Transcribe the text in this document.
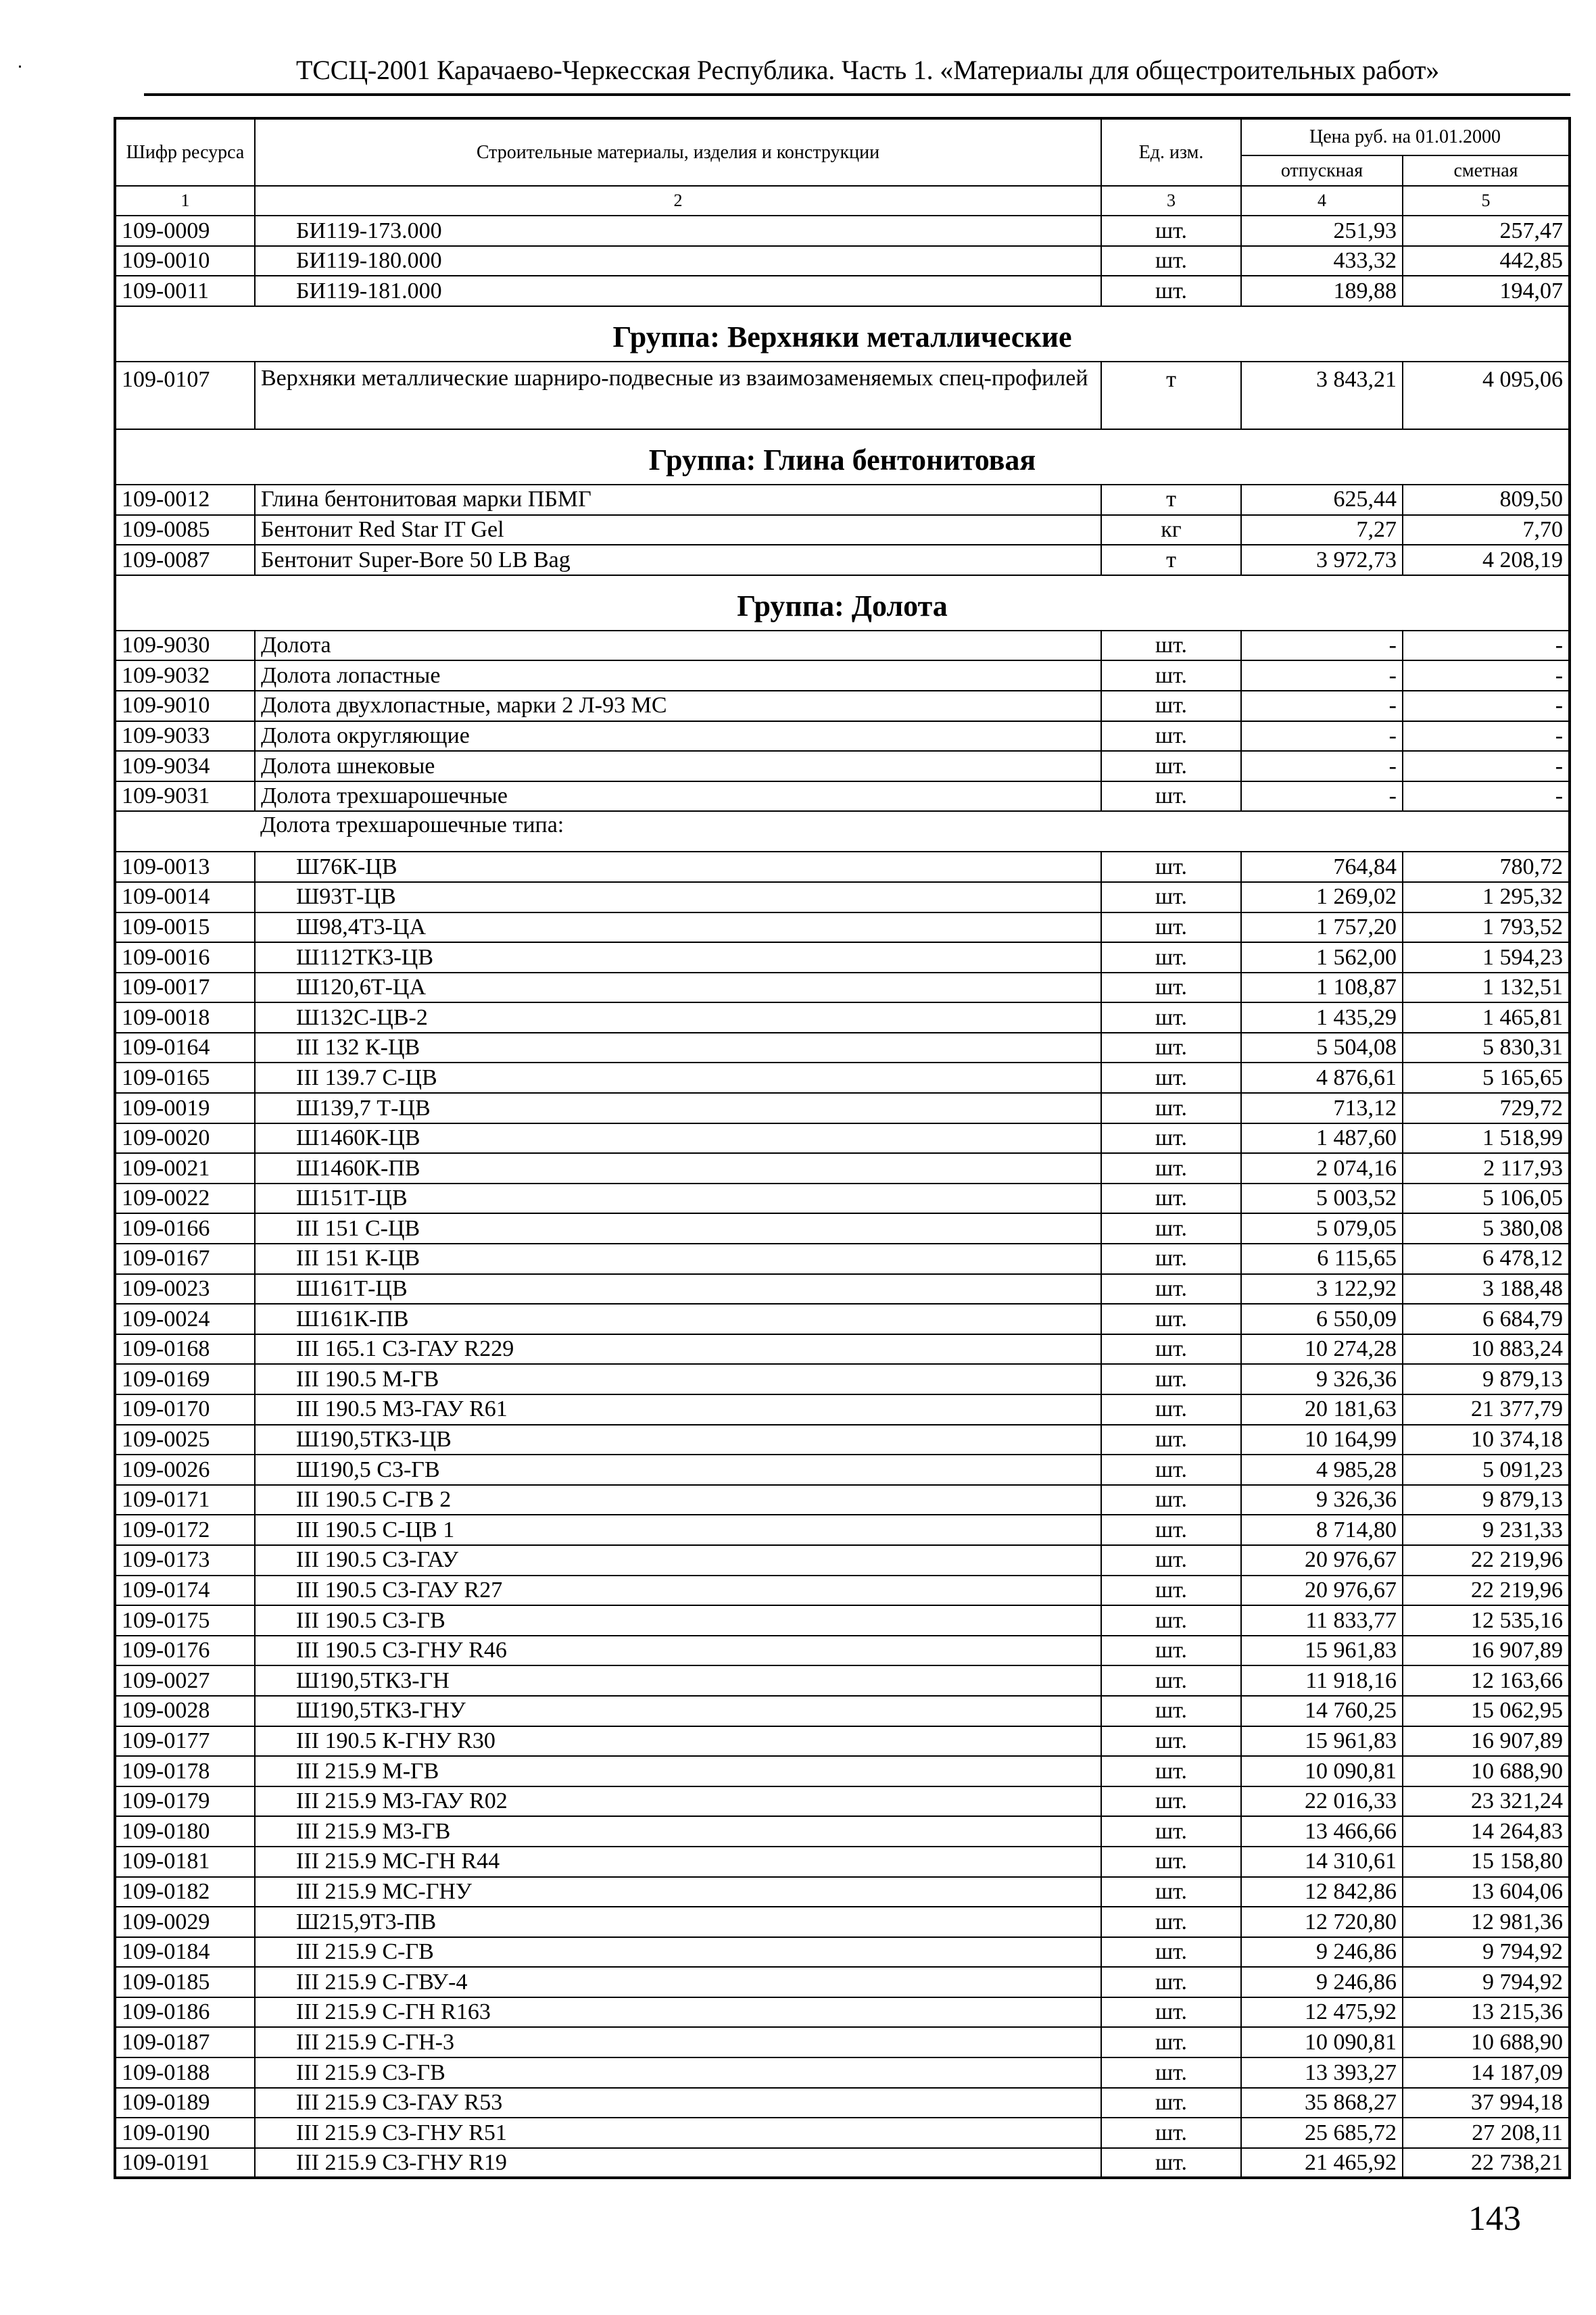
ТССЦ-2001 Карачаево-Черкесская Республика. Часть 1. «Материалы для общестроительных работ»
Шифр ресурса	Строительные материалы, изделия и конструкции	Ед. изм.	Цена руб. на 01.01.2000	
			отпускная	сметная
1	2	3	4	5
109-0009	БИ119-173.000	шт.	251,93	257,47
109-0010	БИ119-180.000	шт.	433,32	442,85
109-0011	БИ119-181.000	шт.	189,88	194,07
Группа: Верхняки металлические				
109-0107	Верхняки металлические шарниро-подвесные из взаимозаменяемых спец-профилей	т	3 843,21	4 095,06
Группа: Глина бентонитовая				
109-0012	Глина бентонитовая марки ПБМГ	т	625,44	809,50
109-0085	Бентонит Red Star IT Gel	кг	7,27	7,70
109-0087	Бентонит Super-Bore 50 LB Bag	т	3 972,73	4 208,19
Группа: Долота				
109-9030	Долота	шт.	-	-
109-9032	Долота лопастные	шт.	-	-
109-9010	Долота двухлопастные, марки 2 Л-93 МС	шт.	-	-
109-9033	Долота округляющие	шт.	-	-
109-9034	Долота шнековые	шт.	-	-
109-9031	Долота трехшарошечные	шт.	-	-
	Долота трехшарошечные типа:			
109-0013	Ш76К-ЦВ	шт.	764,84	780,72
109-0014	Ш93Т-ЦВ	шт.	1 269,02	1 295,32
109-0015	Ш98,4Т3-ЦА	шт.	1 757,20	1 793,52
109-0016	Ш112ТК3-ЦВ	шт.	1 562,00	1 594,23
109-0017	Ш120,6Т-ЦА	шт.	1 108,87	1 132,51
109-0018	Ш132С-ЦВ-2	шт.	1 435,29	1 465,81
109-0164	III 132 К-ЦВ	шт.	5 504,08	5 830,31
109-0165	III 139.7 С-ЦВ	шт.	4 876,61	5 165,65
109-0019	Ш139,7 Т-ЦВ	шт.	713,12	729,72
109-0020	Ш1460К-ЦВ	шт.	1 487,60	1 518,99
109-0021	Ш1460К-ПВ	шт.	2 074,16	2 117,93
109-0022	Ш151Т-ЦВ	шт.	5 003,52	5 106,05
109-0166	III 151 С-ЦВ	шт.	5 079,05	5 380,08
109-0167	III 151 К-ЦВ	шт.	6 115,65	6 478,12
109-0023	Ш161Т-ЦВ	шт.	3 122,92	3 188,48
109-0024	Ш161К-ПВ	шт.	6 550,09	6 684,79
109-0168	III 165.1 С3-ГАУ R229	шт.	10 274,28	10 883,24
109-0169	III 190.5 М-ГВ	шт.	9 326,36	9 879,13
109-0170	III 190.5 М3-ГАУ R61	шт.	20 181,63	21 377,79
109-0025	Ш190,5ТК3-ЦВ	шт.	10 164,99	10 374,18
109-0026	Ш190,5 С3-ГВ	шт.	4 985,28	5 091,23
109-0171	III 190.5 С-ГВ 2	шт.	9 326,36	9 879,13
109-0172	III 190.5 С-ЦВ 1	шт.	8 714,80	9 231,33
109-0173	III 190.5 С3-ГАУ	шт.	20 976,67	22 219,96
109-0174	III 190.5 С3-ГАУ R27	шт.	20 976,67	22 219,96
109-0175	III 190.5 С3-ГВ	шт.	11 833,77	12 535,16
109-0176	III 190.5 С3-ГНУ R46	шт.	15 961,83	16 907,89
109-0027	Ш190,5ТК3-ГН	шт.	11 918,16	12 163,66
109-0028	Ш190,5ТК3-ГНУ	шт.	14 760,25	15 062,95
109-0177	III 190.5 К-ГНУ R30	шт.	15 961,83	16 907,89
109-0178	III 215.9 М-ГВ	шт.	10 090,81	10 688,90
109-0179	III 215.9 М3-ГАУ R02	шт.	22 016,33	23 321,24
109-0180	III 215.9 М3-ГВ	шт.	13 466,66	14 264,83
109-0181	III 215.9 МС-ГН R44	шт.	14 310,61	15 158,80
109-0182	III 215.9 МС-ГНУ	шт.	12 842,86	13 604,06
109-0029	Ш215,9Т3-ПВ	шт.	12 720,80	12 981,36
109-0184	III 215.9 С-ГВ	шт.	9 246,86	9 794,92
109-0185	III 215.9 С-ГВУ-4	шт.	9 246,86	9 794,92
109-0186	III 215.9 С-ГН R163	шт.	12 475,92	13 215,36
109-0187	III 215.9 С-ГН-3	шт.	10 090,81	10 688,90
109-0188	III 215.9 С3-ГВ	шт.	13 393,27	14 187,09
109-0189	III 215.9 С3-ГАУ R53	шт.	35 868,27	37 994,18
109-0190	III 215.9 С3-ГНУ R51	шт.	25 685,72	27 208,11
109-0191	III 215.9 С3-ГНУ R19	шт.	21 465,92	22 738,21
143
